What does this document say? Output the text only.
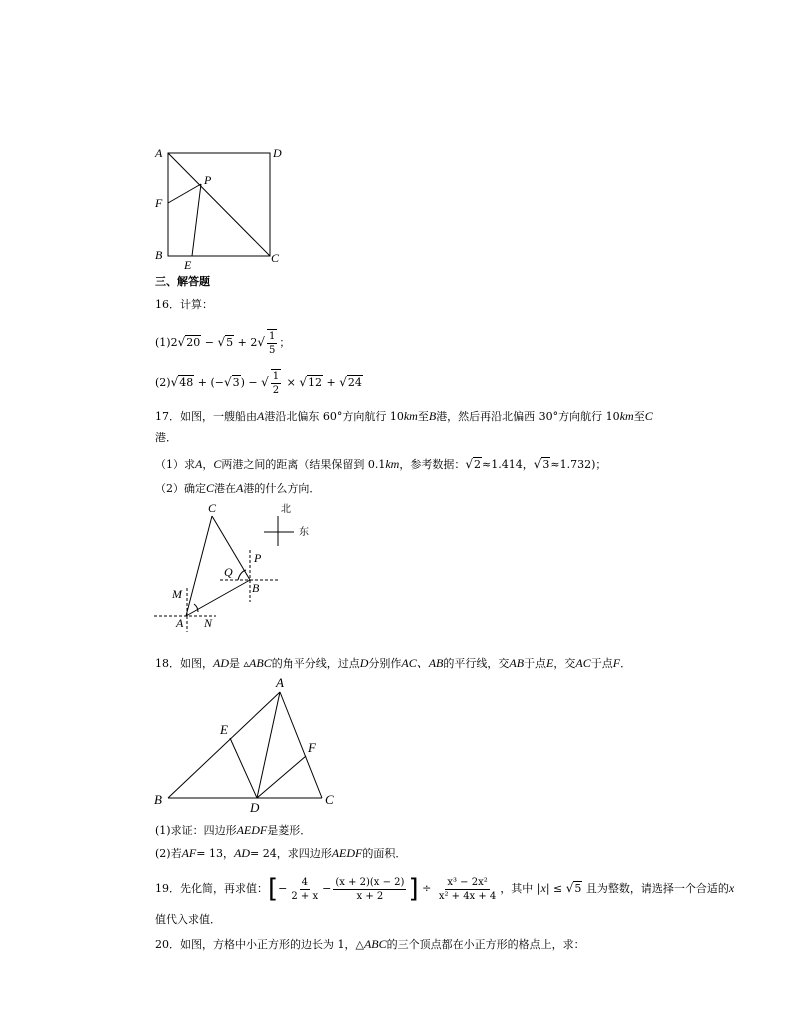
A	D
P
F
B
E	C
三、解答题
16．计算：
$(1)2√20 - √5 + 2√ \frac{1}{5}$ ；
(2)√48 + (−√3) − √ $\frac{1}{2} \times √12 + √24$
17．如图，一艘船由A港沿北偏东 60°方向航行 10km至B港，然后再沿北偏西 30°方向航行 10km至C
港．
（1）求A，C两港之间的距离（结果保留到 0.1km，参考数据：√2≈1.414，√3≈1.732)；
（2）确定C港在A港的什么方向．
C
P
Q
B
M
A N
北
东
18．如图，AD是 ▵ABC的角平分线，过点D分别作AC、AB的平行线，交AB于点E，交AC于点F．
A
E
F
B
D
C
(1)求证：四边形AEDF是菱形．
(2)若AF= 13，AD= 24，求四边形AEDF的面积．
19．先化简，再求值：[− $\frac{4}{2 + x} - \frac{(x + 2)(x - 2)}{x + 2}$ ] ÷ $\frac{\text{x³ − 2x²}}{\text{x² + 4x + 4}}$ ，其中 |x| ≤ √5 且为整数，请选择一个合适的x
值代入求值．
20．如图，方格中小正方形的边长为 1，△ABC的三个顶点都在小正方形的格点上，求：
